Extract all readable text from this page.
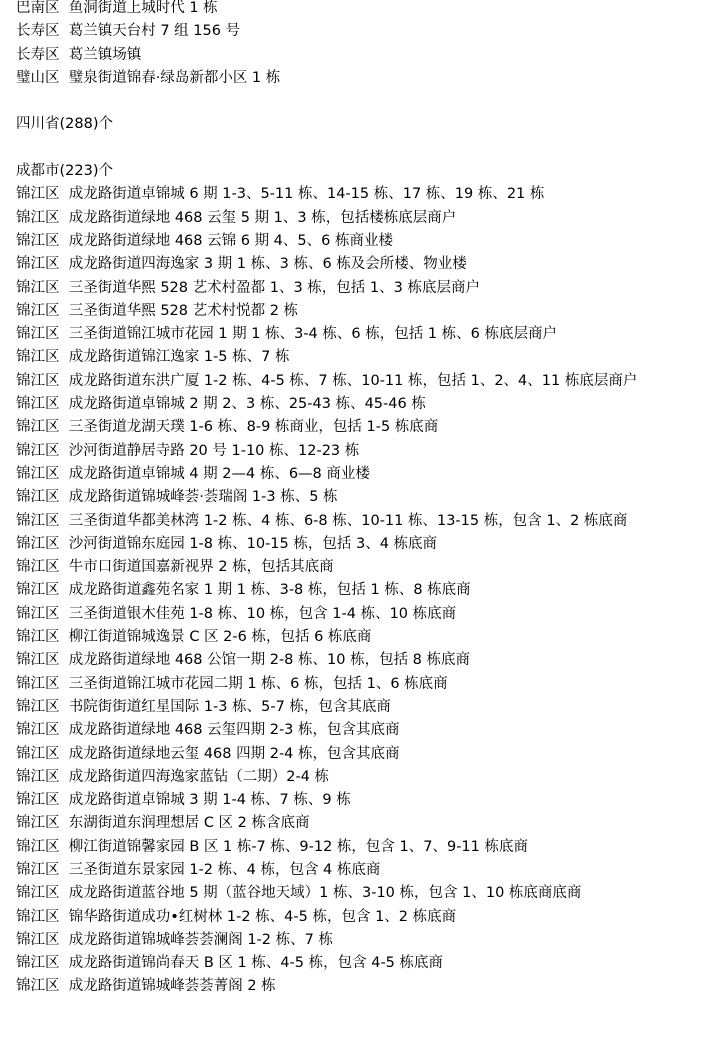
巴南区  鱼洞街道上城时代 1 栋
长寿区  葛兰镇天台村 7 组 156 号
长寿区  葛兰镇场镇
璧山区  璧泉街道锦春·绿岛新都小区 1 栋
四川省(288)个
成都市(223)个
锦江区  成龙路街道卓锦城 6 期 1-3、5-11 栋、14-15 栋、17 栋、19 栋、21 栋
锦江区  成龙路街道绿地 468 云玺 5 期 1、3 栋，包括楼栋底层商户
锦江区  成龙路街道绿地 468 云锦 6 期 4、5、6 栋商业楼
锦江区  成龙路街道四海逸家 3 期 1 栋、3 栋、6 栋及会所楼、物业楼
锦江区  三圣街道华熙 528 艺术村盈都 1、3 栋，包括 1、3 栋底层商户
锦江区  三圣街道华熙 528 艺术村悦都 2 栋
锦江区  三圣街道锦江城市花园 1 期 1 栋、3-4 栋、6 栋，包括 1 栋、6 栋底层商户
锦江区  成龙路街道锦江逸家 1-5 栋、7 栋
锦江区  成龙路街道东洪广厦 1-2 栋、4-5 栋、7 栋、10-11 栋，包括 1、2、4、11 栋底层商户
锦江区  成龙路街道卓锦城 2 期 2、3 栋、25-43 栋、45-46 栋
锦江区  三圣街道龙湖天璞 1-6 栋、8-9 栋商业，包括 1-5 栋底商
锦江区  沙河街道静居寺路 20 号 1-10 栋、12-23 栋
锦江区  成龙路街道卓锦城 4 期 2—4 栋、6—8 商业楼
锦江区  成龙路街道锦城峰荟·荟瑞阁 1-3 栋、5 栋
锦江区  三圣街道华都美林湾 1-2 栋、4 栋、6-8 栋、10-11 栋、13-15 栋，包含 1、2 栋底商
锦江区  沙河街道锦东庭园 1-8 栋、10-15 栋，包括 3、4 栋底商
锦江区  牛市口街道国嘉新视界 2 栋，包括其底商
锦江区  成龙路街道鑫苑名家 1 期 1 栋、3-8 栋，包括 1 栋、8 栋底商
锦江区  三圣街道银木佳苑 1-8 栋、10 栋，包含 1-4 栋、10 栋底商
锦江区  柳江街道锦城逸景 C 区 2-6 栋，包括 6 栋底商
锦江区  成龙路街道绿地 468 公馆一期 2-8 栋、10 栋，包括 8 栋底商
锦江区  三圣街道锦江城市花园二期 1 栋、6 栋，包括 1、6 栋底商
锦江区  书院街街道红星国际 1-3 栋、5-7 栋，包含其底商
锦江区  成龙路街道绿地 468 云玺四期 2-3 栋，包含其底商
锦江区  成龙路街道绿地云玺 468 四期 2-4 栋，包含其底商
锦江区  成龙路街道四海逸家蓝钻（二期）2-4 栋
锦江区  成龙路街道卓锦城 3 期 1-4 栋、7 栋、9 栋
锦江区  东湖街道东润理想居 C 区 2 栋含底商
锦江区  柳江街道锦馨家园 B 区 1 栋-7 栋、9-12 栋，包含 1、7、9-11 栋底商
锦江区  三圣街道东景家园 1-2 栋、4 栋，包含 4 栋底商
锦江区  成龙路街道蓝谷地 5 期（蓝谷地天域）1 栋、3-10 栋，包含 1、10 栋底商底商
锦江区  锦华路街道成功•红树林 1-2 栋、4-5 栋，包含 1、2 栋底商
锦江区  成龙路街道锦城峰荟荟澜阁 1-2 栋、7 栋
锦江区  成龙路街道锦尚春天 B 区 1 栋、4-5 栋，包含 4-5 栋底商
锦江区  成龙路街道锦城峰荟荟菁阁 2 栋
